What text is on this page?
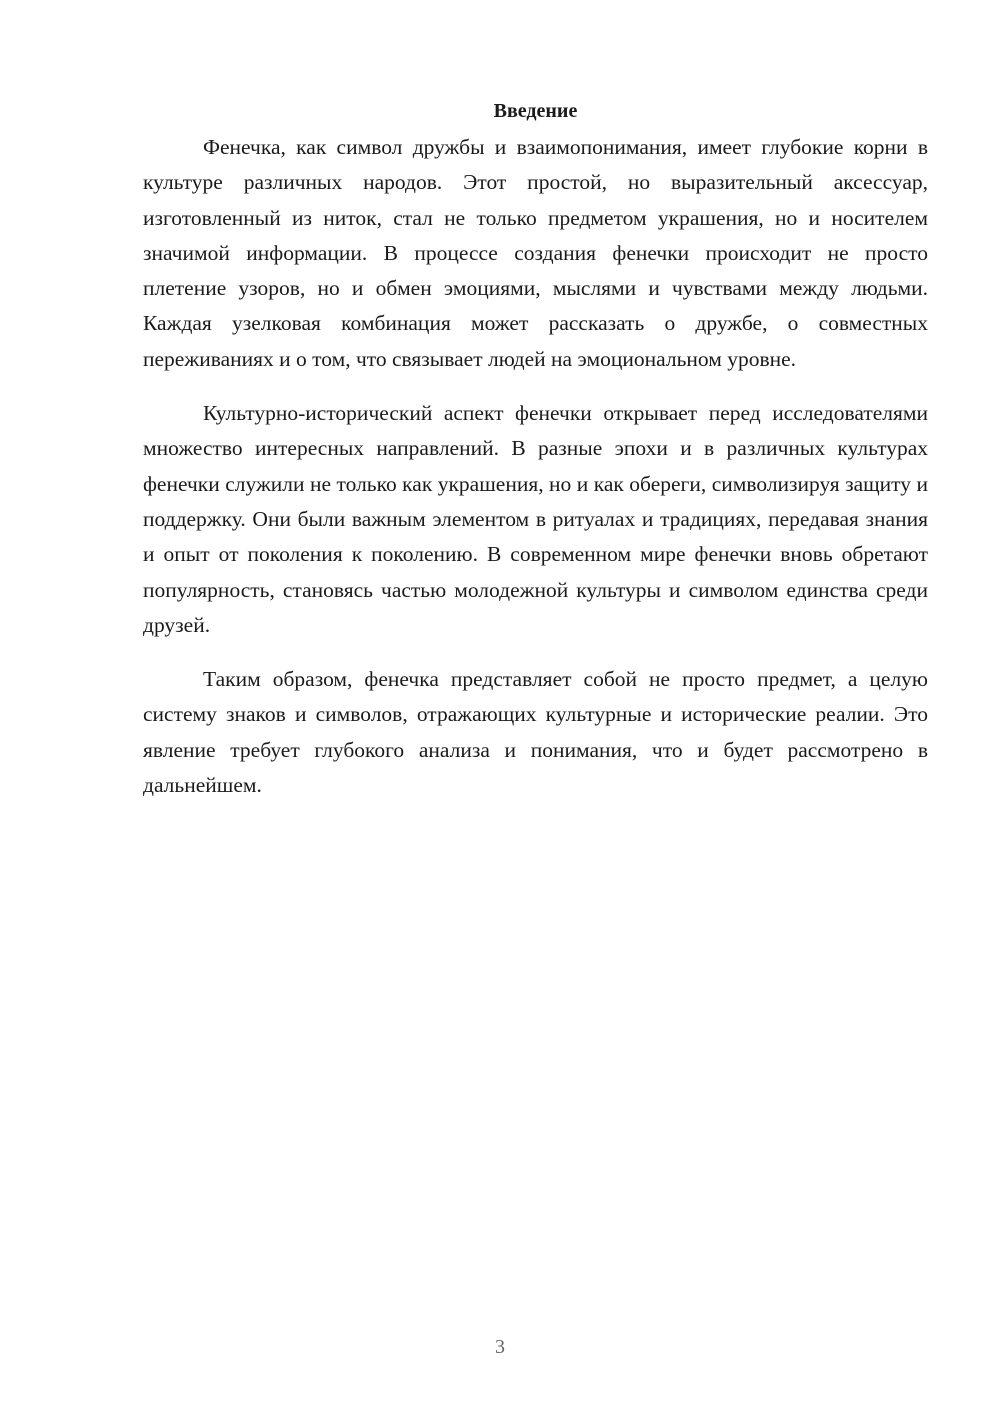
Введение

Фенечка, как символ дружбы и взаимопонимания, имеет глубокие корни в культуре различных народов. Этот простой, но выразительный аксессуар, изготовленный из ниток, стал не только предметом украшения, но и носителем значимой информации. В процессе создания фенечки происходит не просто плетение узоров, но и обмен эмоциями, мыслями и чувствами между людьми. Каждая узелковая комбинация может рассказать о дружбе, о совместных переживаниях и о том, что связывает людей на эмоциональном уровне.

Культурно-исторический аспект фенечки открывает перед исследователями множество интересных направлений. В разные эпохи и в различных культурах фенечки служили не только как украшения, но и как обереги, символизируя защиту и поддержку. Они были важным элементом в ритуалах и традициях, передавая знания и опыт от поколения к поколению. В современном мире фенечки вновь обретают популярность, становясь частью молодежной культуры и символом единства среди друзей.

Таким образом, фенечка представляет собой не просто предмет, а целую систему знаков и символов, отражающих культурные и исторические реалии. Это явление требует глубокого анализа и понимания, что и будет рассмотрено в дальнейшем.

3
